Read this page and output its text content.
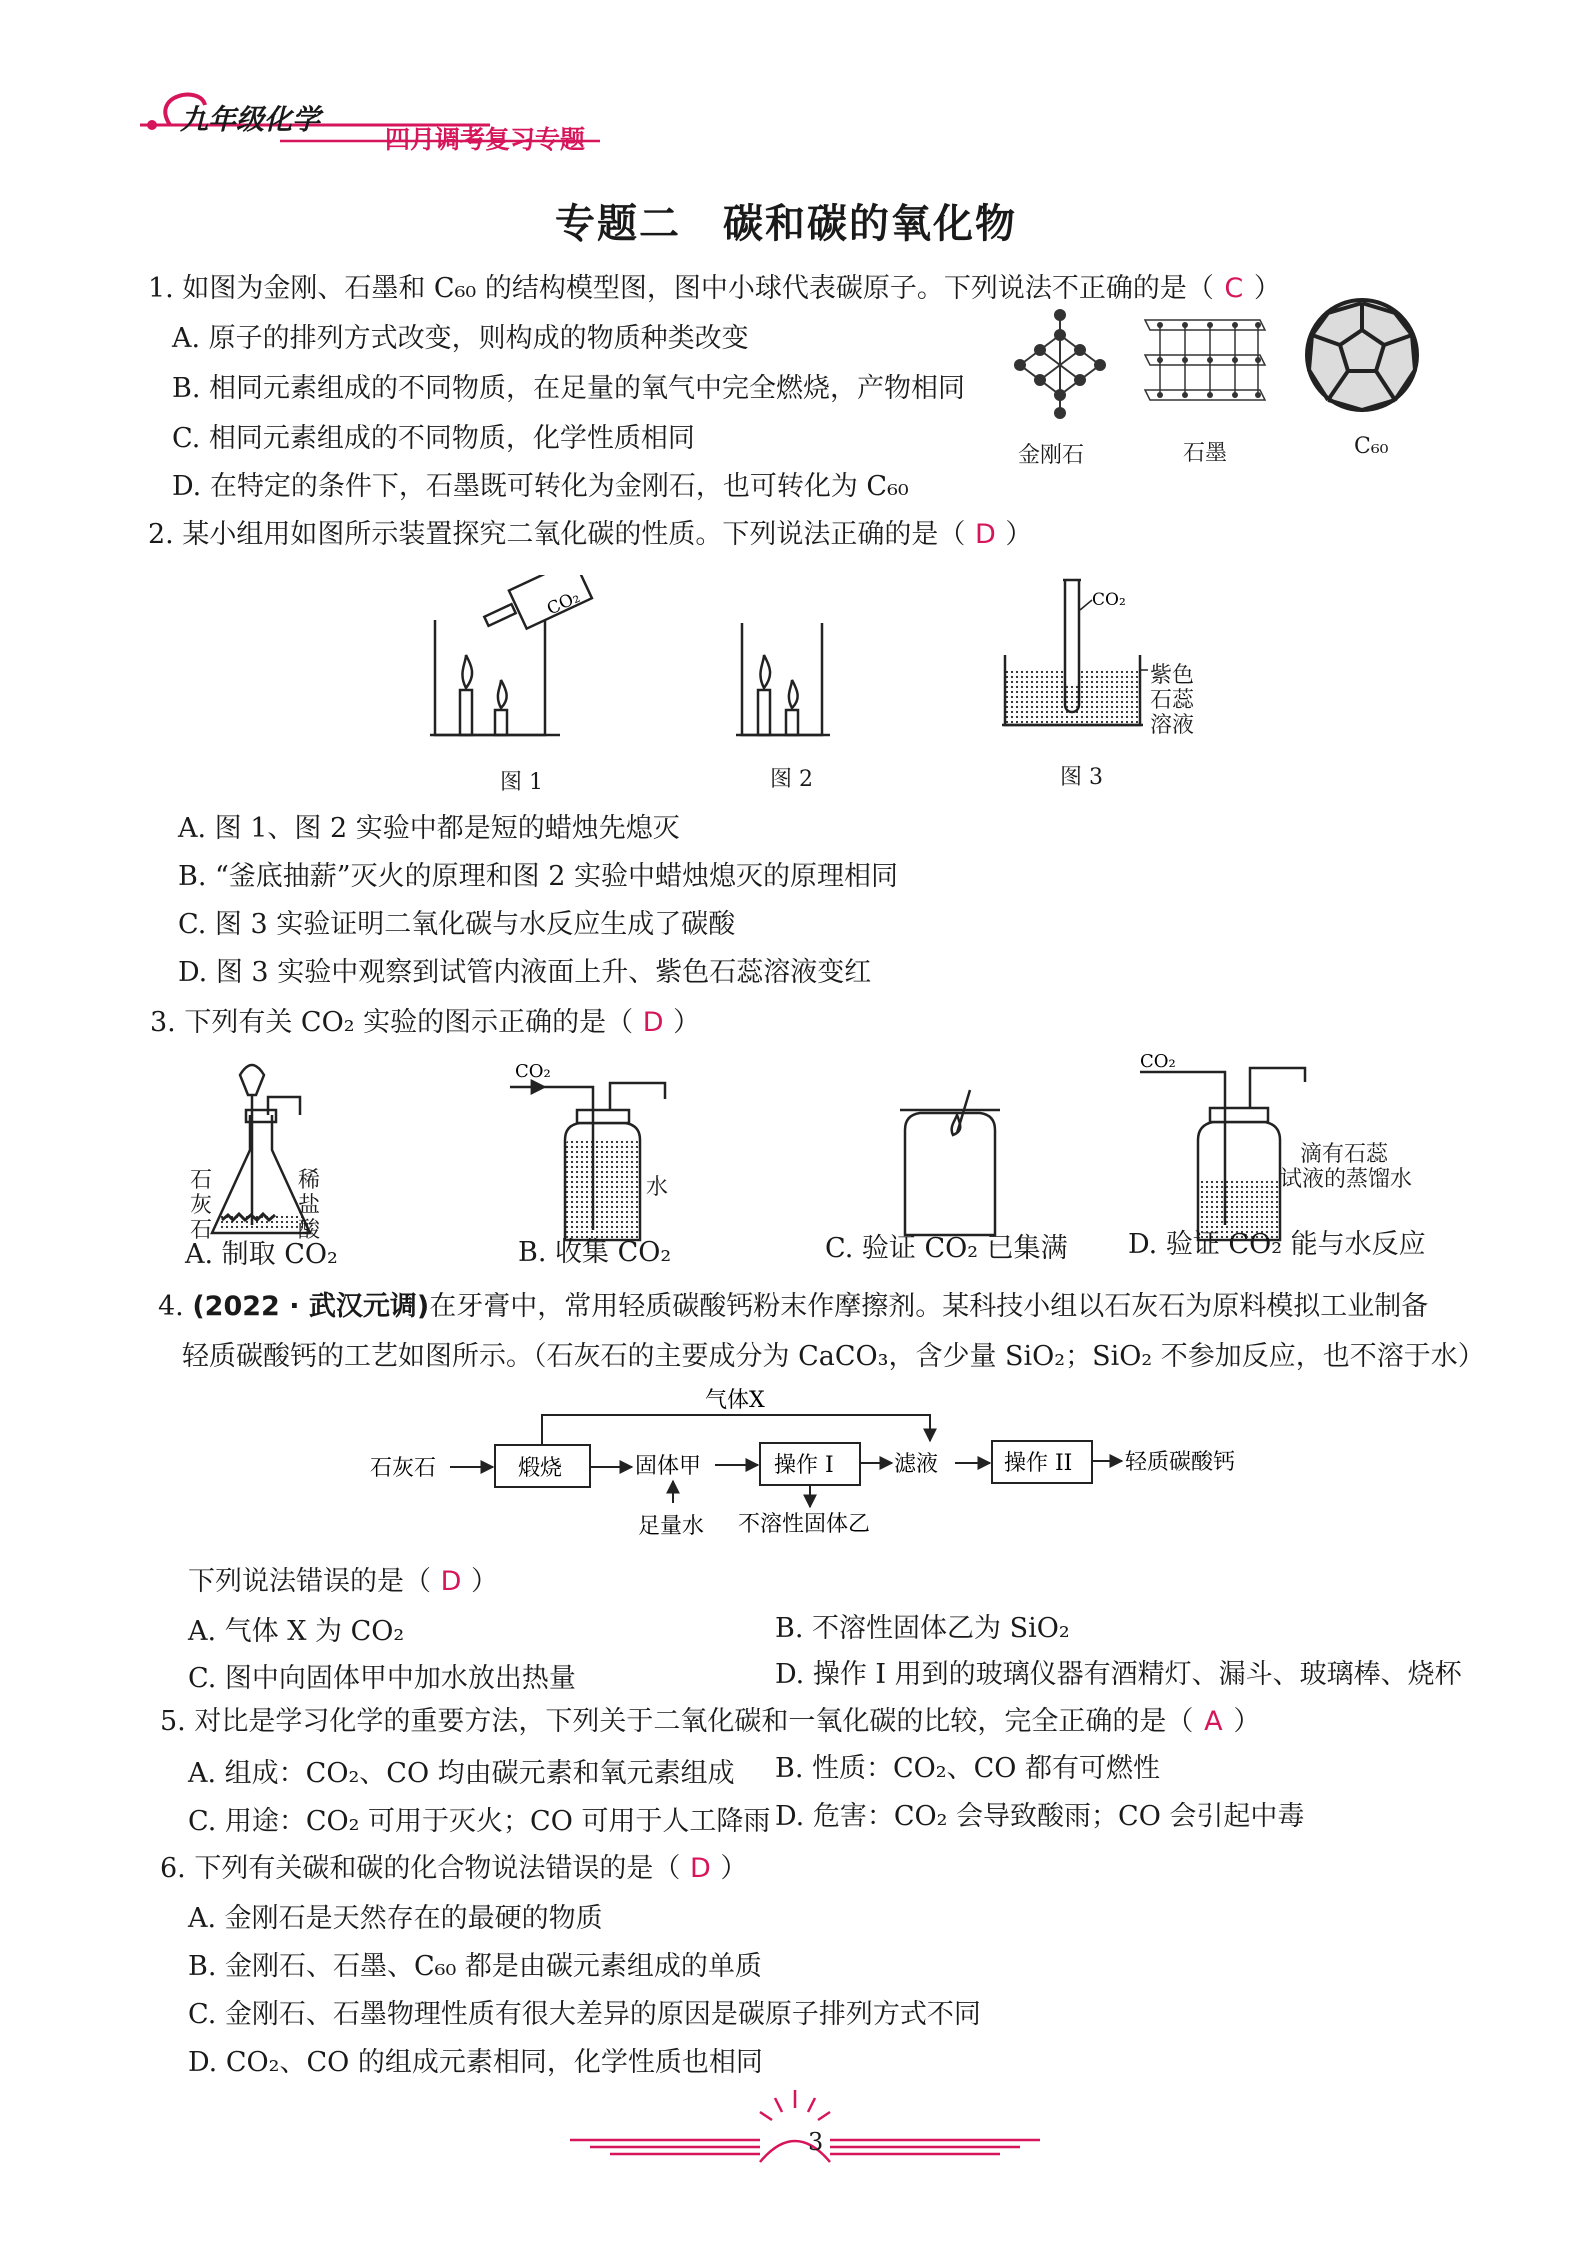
九年级化学
四月调考复习专题
专题二　碳和碳的氧化物
1. 如图为金刚、石墨和 C₆₀ 的结构模型图，图中小球代表碳原子。下列说法不正确的是（ C ）
A. 原子的排列方式改变，则构成的物质种类改变
B. 相同元素组成的不同物质，在足量的氧气中完全燃烧，产物相同
C. 相同元素组成的不同物质，化学性质相同
D. 在特定的条件下，石墨既可转化为金刚石，也可转化为 C₆₀
金刚石	石墨	C₆₀
2. 某小组用如图所示装置探究二氧化碳的性质。下列说法正确的是（ D ）
CO₂	CO₂
紫色
石蕊
溶液
图 1	图 2	图 3
A. 图 1、图 2 实验中都是短的蜡烛先熄灭
B. “釜底抽薪”灭火的原理和图 2 实验中蜡烛熄灭的原理相同
C. 图 3 实验证明二氧化碳与水反应生成了碳酸
D. 图 3 实验中观察到试管内液面上升、紫色石蕊溶液变红
3. 下列有关 CO₂ 实验的图示正确的是（ D ）
石
灰
石
稀
盐
酸
CO₂
水
CO₂
滴有石蕊
试液的蒸馏水
A. 制取 CO₂	B. 收集 CO₂	C. 验证 CO₂ 已集满 D. 验证 CO₂ 能与水反应
4. (2022 · 武汉元调)在牙膏中，常用轻质碳酸钙粉末作摩擦剂。某科技小组以石灰石为原料模拟工业制备
轻质碳酸钙的工艺如图所示。（石灰石的主要成分为 CaCO₃，含少量 SiO₂；SiO₂ 不参加反应，也不溶于水）
气体X
石灰石	煅烧	固体甲	操作 I	滤液	操作 II 轻质碳酸钙
足量水 不溶性固体乙
下列说法错误的是（ D ）
A. 气体 X 为 CO₂	B. 不溶性固体乙为 SiO₂
C. 图中向固体甲中加水放出热量	D. 操作 I 用到的玻璃仪器有酒精灯、漏斗、玻璃棒、烧杯
5. 对比是学习化学的重要方法，下列关于二氧化碳和一氧化碳的比较，完全正确的是（ A ）
A. 组成：CO₂、CO 均由碳元素和氧元素组成 B. 性质：CO₂、CO 都有可燃性
C. 用途：CO₂ 可用于灭火；CO 可用于人工降雨 D. 危害：CO₂ 会导致酸雨；CO 会引起中毒
6. 下列有关碳和碳的化合物说法错误的是（ D ）
A. 金刚石是天然存在的最硬的物质
B. 金刚石、石墨、C₆₀ 都是由碳元素组成的单质
C. 金刚石、石墨物理性质有很大差异的原因是碳原子排列方式不同
D. CO₂、CO 的组成元素相同，化学性质也相同
3
